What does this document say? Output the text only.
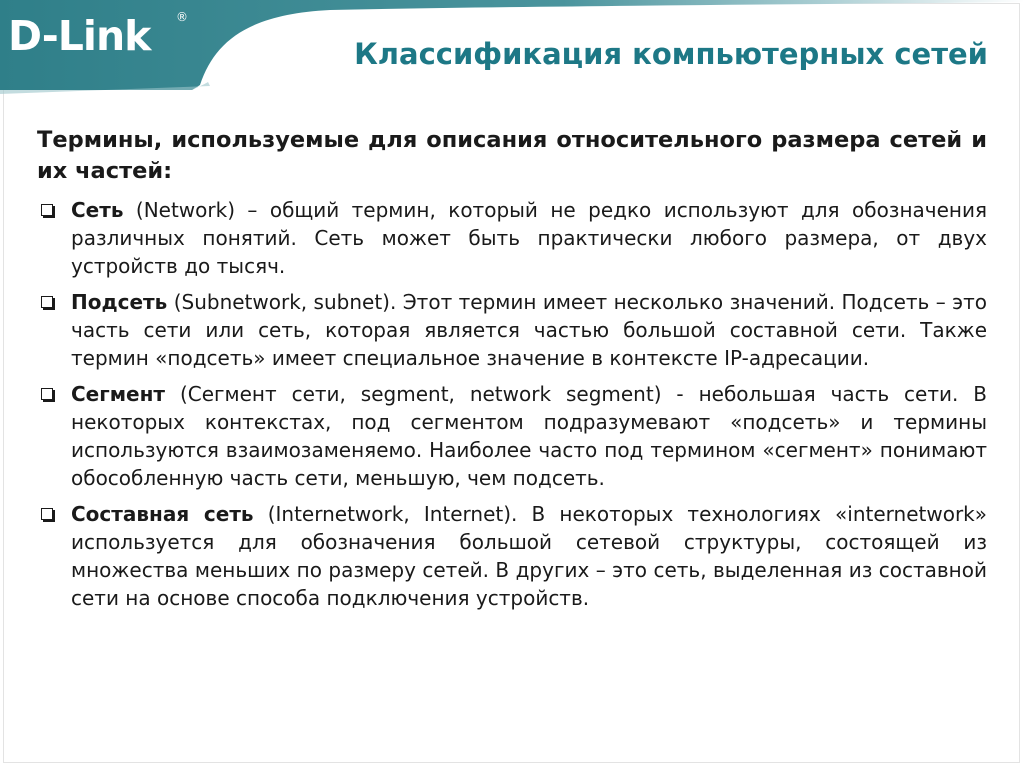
D-Link ®
Классификация компьютерных сетей

Термины, используемые для описания относительного размера сетей и их частей:

Сеть (Network) – общий термин, который не редко используют для обозначения различных понятий. Сеть может быть практически любого размера, от двух устройств до тысяч.
Подсеть (Subnetwork, subnet). Этот термин имеет несколько значений. Подсеть – это часть сети или сеть, которая является частью большой составной сети. Также термин «подсеть» имеет специальное значение в контексте IP-адресации.
Сегмент (Сегмент сети, segment, network segment) - небольшая часть сети. В некоторых контекстах, под сегментом подразумевают «подсеть» и термины используются взаимозаменяемо. Наиболее часто под термином «сегмент» понимают обособленную часть сети, меньшую, чем подсеть.
Составная сеть (Internetwork, Internet). В некоторых технологиях «internetwork» используется для обозначения большой сетевой структуры, состоящей из множества меньших по размеру сетей. В других – это сеть, выделенная из составной сети на основе способа подключения устройств.
